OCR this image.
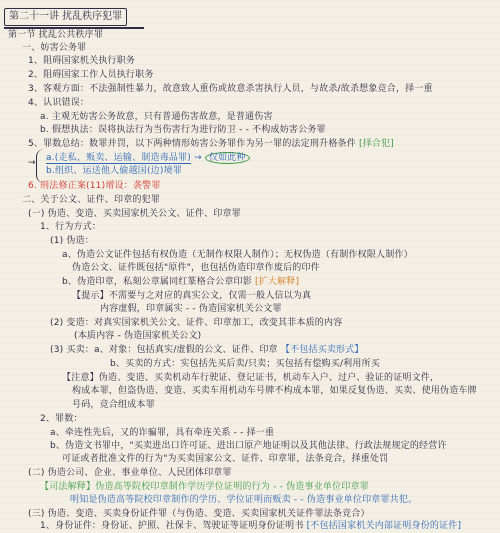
第二十一讲 扰乱秩序犯罪
第一节 扰乱公共秩序罪
一、妨害公务罪
1、阻碍国家机关执行职务
2、阻碍国家工作人员执行职务
3、客观方面：不法强制性暴力，故意致人重伤或故意杀害执行人员，与故杀/故杀想象竞合，择一重
4、认识错误：
a. 主观无妨害公务故意，只有普通伤害故意，是普通伤害
b. 假想执法：误将执法行为当伤害行为进行防卫 - - 不构成妨害公务罪
5、罪数总结：数罪并罚，以下两种情形妨害公务罪作为另一罪的法定刑升格条件 [择合犯]
→ a.(走私、贩卖、运输、制造毒品罪) → 仅如此种
b.组织、运送他人偷越国(边)境罪
6. 刑法修正案(11)增设：袭警罪
二、关于公文、证件、印章的犯罪
(一) 伪造、变造、买卖国家机关公文、证件、印章罪
1、行为方式：
(1) 伪造：
a、伪造公文证件包括有权伪造（无制作权限人制作）；无权伪造（有制作权限人制作）
伪造公文、证件既包括"原件"，也包括伪造印章作废后的印件
b、伪造印章，私刻公章属同红篆格合公章印影 [扩大解释]
【提示】不需要与之对应的真实公文，仅需一般人信以为真
内容虚假，印章属实 - - 伪造国家机关公文罪
(2) 变造：对真实国家机关公文、证件、印章加工，改变其非本质的内容
(本质内容 - 伪造国家机关公文)
(3) 买卖：a、对象：包括真实/虚假的公文、证件、印章 【不包括买卖形式】
b、买卖的方式：实包括先买后卖/只卖；买包括有偿购买/利用所买
【注意】伪造、变造、买卖机动车行驶证、登记证书，机动车入户、过户、验证的证明文件，
构成本罪，但盗伪造、变造、买卖车用机动车号牌不构成本罪，如果反复伪造、买卖、使用伪造车牌
号码，竞合组成本罪
2、罪数：
a、牵连性先后，又的诈骗罪，具有牵连关系 - - 择一重
b、伪造文书罪中，"买卖进出口许可证、进出口原产地证明以及其他法律、行政法规规定的经营许
可证或者批准文件的行为"为买卖国家公文、证件、印章罪，法条竞合，择重处罚
(二) 伪造公司、企业、事业单位、人民团体印章罪
【司法解释】伪造高等院校印章制作学历学位证明的行为 - - 伪造事业单位印章罪
明知是伪造高等院校印章制作的学历、学位证明而贩卖 - - 伪造事业单位印章罪共犯。
(三) 伪造、变造、买卖身份证件罪（与伪造、变造、买卖国家机关证件罪法条竞合）
1、身份证件：身份证、护照、社保卡、驾驶证等证明身份证明书 [不包括国家机关内部证明身份的证件]
